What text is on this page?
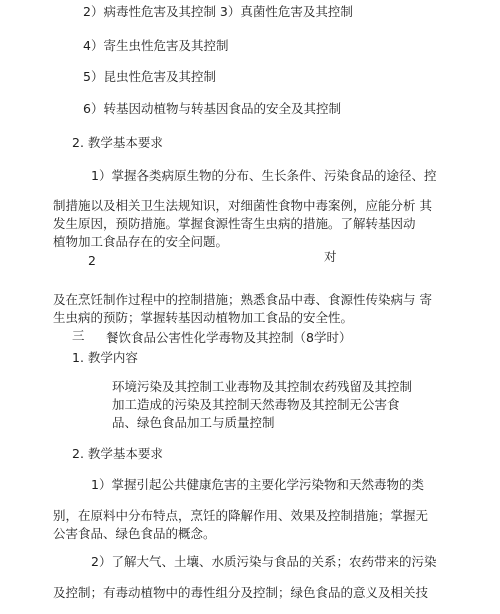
2）病毒性危害及其控制 3）真菌性危害及其控制
4）寄生虫性危害及其控制
5）昆虫性危害及其控制
6）转基因动植物与转基因食品的安全及其控制
2. 教学基本要求
1）掌握各类病原生物的分布、生长条件、污染食品的途径、控
制措施以及相关卫生法规知识，对细菌性食物中毒案例，应能分析 其
发生原因，预防措施。掌握食源性寄生虫病的措施。了解转基因动
植物加工食品存在的安全问题。
2	对
及在烹饪制作过程中的控制措施；熟悉食品中毒、食源性传染病与 寄
生虫病的预防；掌握转基因动植物加工食品的安全性。
三 餐饮食品公害性化学毒物及其控制（8学时）
1. 教学内容
环境污染及其控制工业毒物及其控制农药残留及其控制
加工造成的污染及其控制天然毒物及其控制无公害食
品、绿色食品加工与质量控制
2. 教学基本要求
1）掌握引起公共健康危害的主要化学污染物和天然毒物的类
别，在原料中分布特点，烹饪的降解作用、效果及控制措施；掌握无
公害食品、绿色食品的概念。
2）了解大气、土壤、水质污染与食品的关系；农药带来的污染
及控制；有毒动植物中的毒性组分及控制；绿色食品的意义及相关技
